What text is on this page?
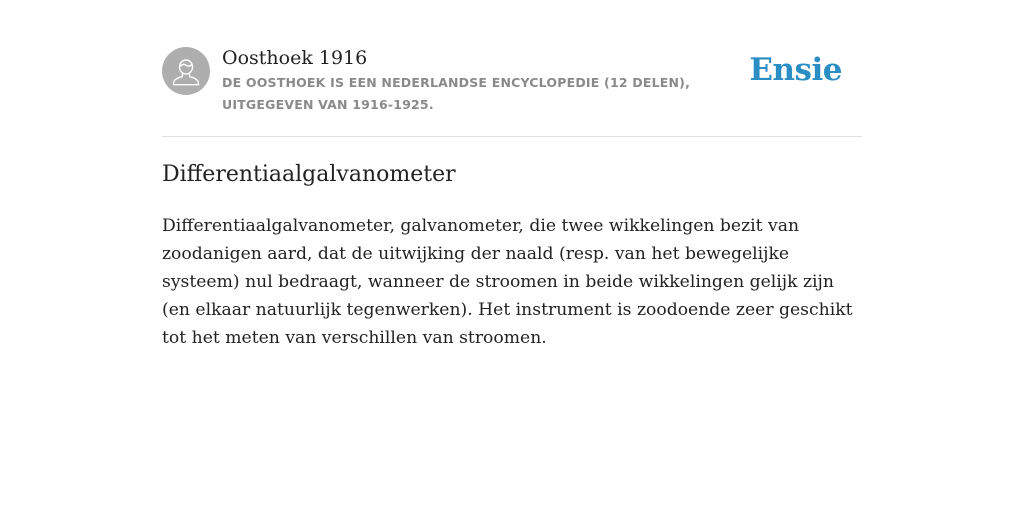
Oosthoek 1916
DE OOSTHOEK IS EEN NEDERLANDSE ENCYCLOPEDIE (12 DELEN), UITGEGEVEN VAN 1916-1925.
Ensie
Differentiaalgalvanometer

Differentiaalgalvanometer, galvanometer, die twee wikkelingen bezit van zoodanigen aard, dat de uitwijking der naald (resp. van het bewegelijke systeem) nul bedraagt, wanneer de stroomen in beide wikkelingen gelijk zijn (en elkaar natuurlijk tegenwerken). Het instrument is zoodoende zeer geschikt tot het meten van verschillen van stroomen.
